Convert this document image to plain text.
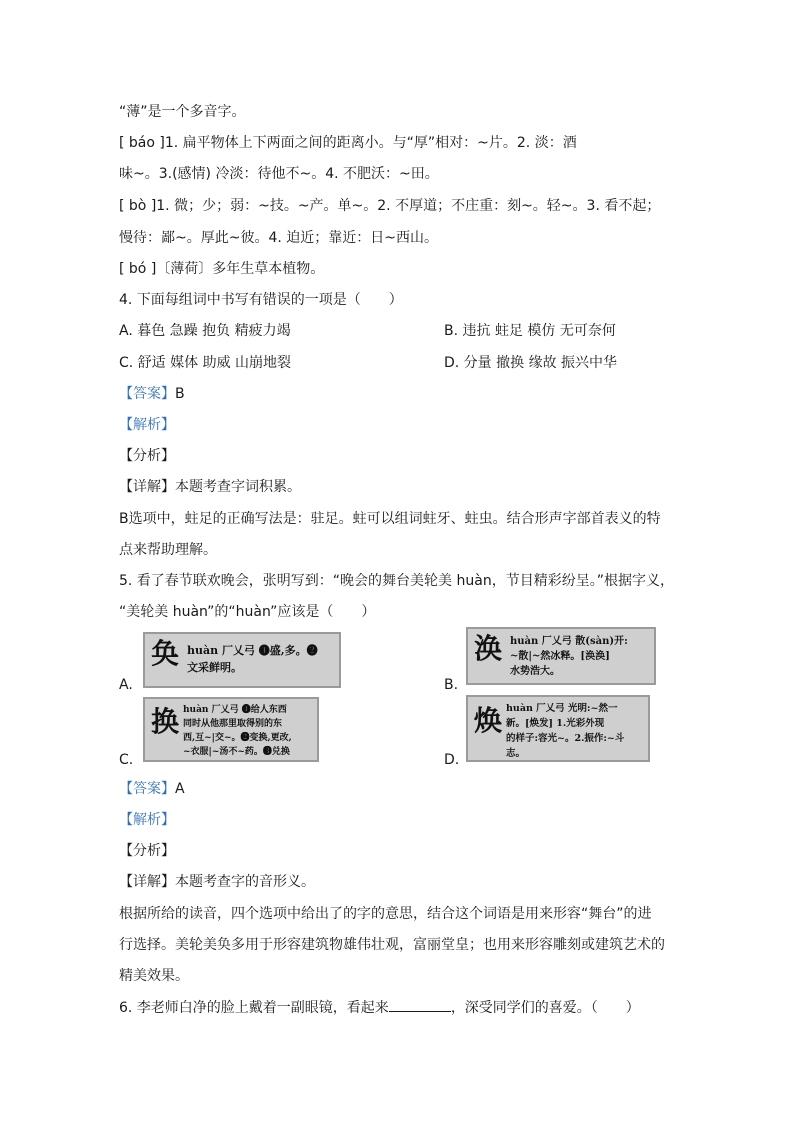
“薄”是一个多音字。
[ báo ]1. 扁平物体上下两面之间的距离小。与“厚”相对：~片。2. 淡：酒
味~。3.(感情) 冷淡：待他不~。4. 不肥沃：~田。
[ bò ]1. 微；少；弱：~技。~产。单~。2. 不厚道；不庄重：刻~。轻~。3. 看不起；
慢待：鄙~。厚此~彼。4. 迫近；靠近：日~西山。
[ bó ]〔薄荷〕多年生草本植物。
4. 下面每组词中书写有错误的一项是（　　）
A. 暮色 急躁 抱负 精疲力竭	B. 违抗 蛀足 模仿 无可奈何
C. 舒适 媒体 助威 山崩地裂	D. 分量 撤换 缘故 振兴中华
【答案】B
【解析】
【分析】
【详解】本题考查字词积累。
B选项中，蛀足的正确写法是：驻足。蛀可以组词蛀牙、蛀虫。结合形声字部首表义的特
点来帮助理解。
5. 看了春节联欢晚会，张明写到：“晚会的舞台美轮美 huàn，节目精彩纷呈。”根据字义，
“美轮美 huàn”的“huàn”应该是（　　）
奂 huàn 厂乂弓 ❶盛,多。❷
文采鲜明。
A.
涣 huàn 厂乂弓 散(sàn)开:
~散|~然冰释。[涣涣]
水势浩大。
B.
换 huàn 厂乂弓 ❶给人东西
同时从他那里取得别的东
西,互~|交~。❷变换,更改,
~衣服|~汤不~药。❸兑换
C.
焕 huàn 厂乂弓 光明:~然一
新。[焕发] 1.光彩外现
的样子:容光~。2.振作:~斗
志。
D.
【答案】A
【解析】
【分析】
【详解】本题考查字的音形义。
根据所给的读音，四个选项中给出了的字的意思，结合这个词语是用来形容“舞台”的进
行选择。美轮美奂多用于形容建筑物雄伟壮观，富丽堂皇；也用来形容雕刻或建筑艺术的
精美效果。
6. 李老师白净的脸上戴着一副眼镜，看起来	，深受同学们的喜爱。（　　）
